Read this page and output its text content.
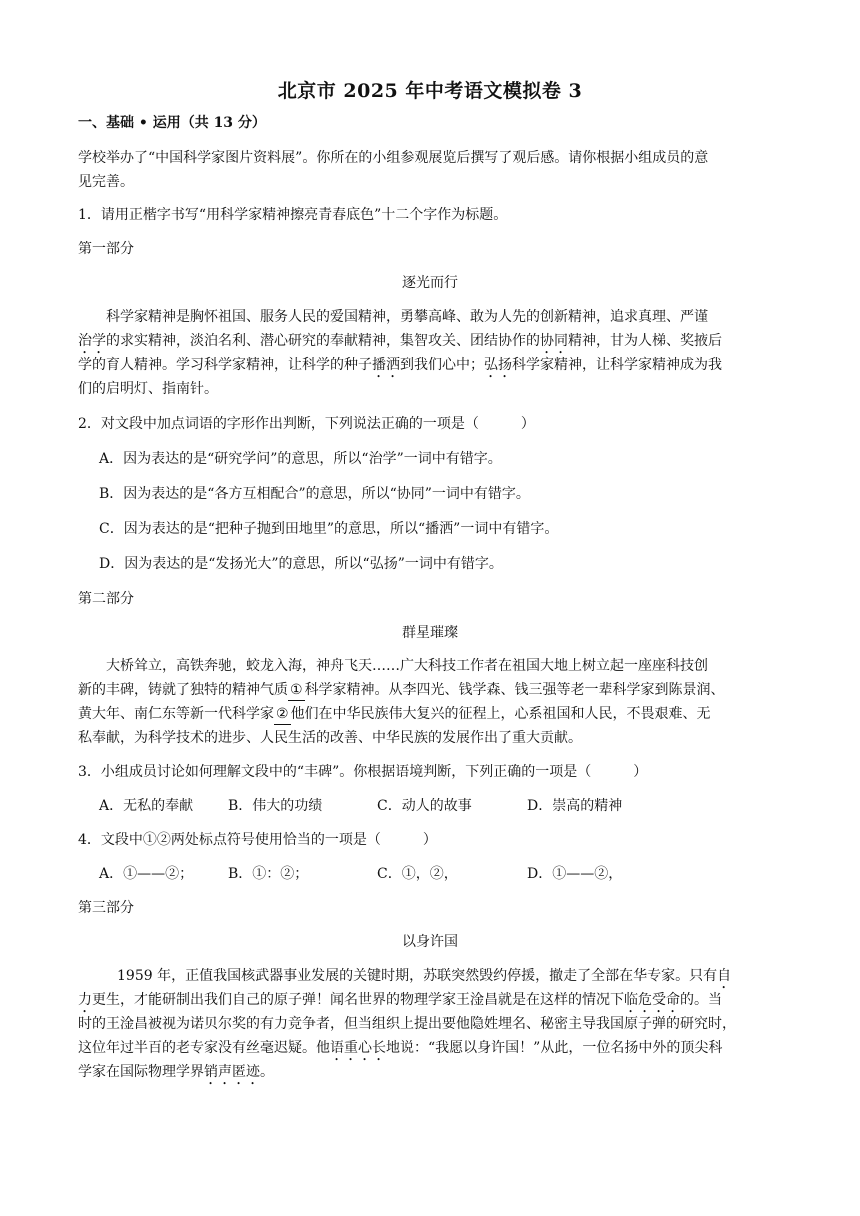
北京市 2025 年中考语文模拟卷 3
一、基础 • 运用（共 13 分）
学校举办了“中国科学家图片资料展”。你所在的小组参观展览后撰写了观后感。请你根据小组成员的意
见完善。
1．请用正楷字书写“用科学家精神擦亮青春底色”十二个字作为标题。
第一部分
逐光而行
科学家精神是胸怀祖国、服务人民的爱国精神，勇攀高峰、敢为人先的创新精神，追求真理、严谨
治学的求实精神，淡泊名利、潜心研究的奉献精神，集智攻关、团结协作的协同精神，甘为人梯、奖掖后
学的育人精神。学习科学家精神，让科学的种子播洒到我们心中；弘扬科学家精神，让科学家精神成为我
们的启明灯、指南针。
2．对文段中加点词语的字形作出判断，下列说法正确的一项是（　　　）
A．因为表达的是“研究学问”的意思，所以“治学”一词中有错字。
B．因为表达的是“各方互相配合”的意思，所以“协同”一词中有错字。
C．因为表达的是“把种子抛到田地里”的意思，所以“播洒”一词中有错字。
D．因为表达的是“发扬光大”的意思，所以“弘扬”一词中有错字。
第二部分
群星璀璨
大桥耸立，高铁奔驰，蛟龙入海，神舟飞天……广大科技工作者在祖国大地上树立起一座座科技创
新的丰碑，铸就了独特的精神气质 ① 科学家精神。从李四光、钱学森、钱三强等老一辈科学家到陈景润、
黄大年、南仁东等新一代科学家 ② 他们在中华民族伟大复兴的征程上，心系祖国和人民，不畏艰难、无
私奉献，为科学技术的进步、人民生活的改善、中华民族的发展作出了重大贡献。
3．小组成员讨论如何理解文段中的“丰碑”。你根据语境判断，下列正确的一项是（　　　）
A．无私的奉献 B．伟大的功绩	C．动人的故事	D．崇高的精神
4．文段中①②两处标点符号使用恰当的一项是（　　　）
A．①——②； B．①：②；	C．①，②，	D．①——②，
第三部分
以身许国
1959 年，正值我国核武器事业发展的关键时期，苏联突然毁约停援，撤走了全部在华专家。只有自
力更生，才能研制出我们自己的原子弹！闻名世界的物理学家王淦昌就是在这样的情况下临危受命的。当
时的王淦昌被视为诺贝尔奖的有力竞争者，但当组织上提出要他隐姓埋名、秘密主导我国原子弹的研究时，
这位年过半百的老专家没有丝毫迟疑。他语重心长地说：“我愿以身许国！”从此，一位名扬中外的顶尖科
学家在国际物理学界销声匿迹。
